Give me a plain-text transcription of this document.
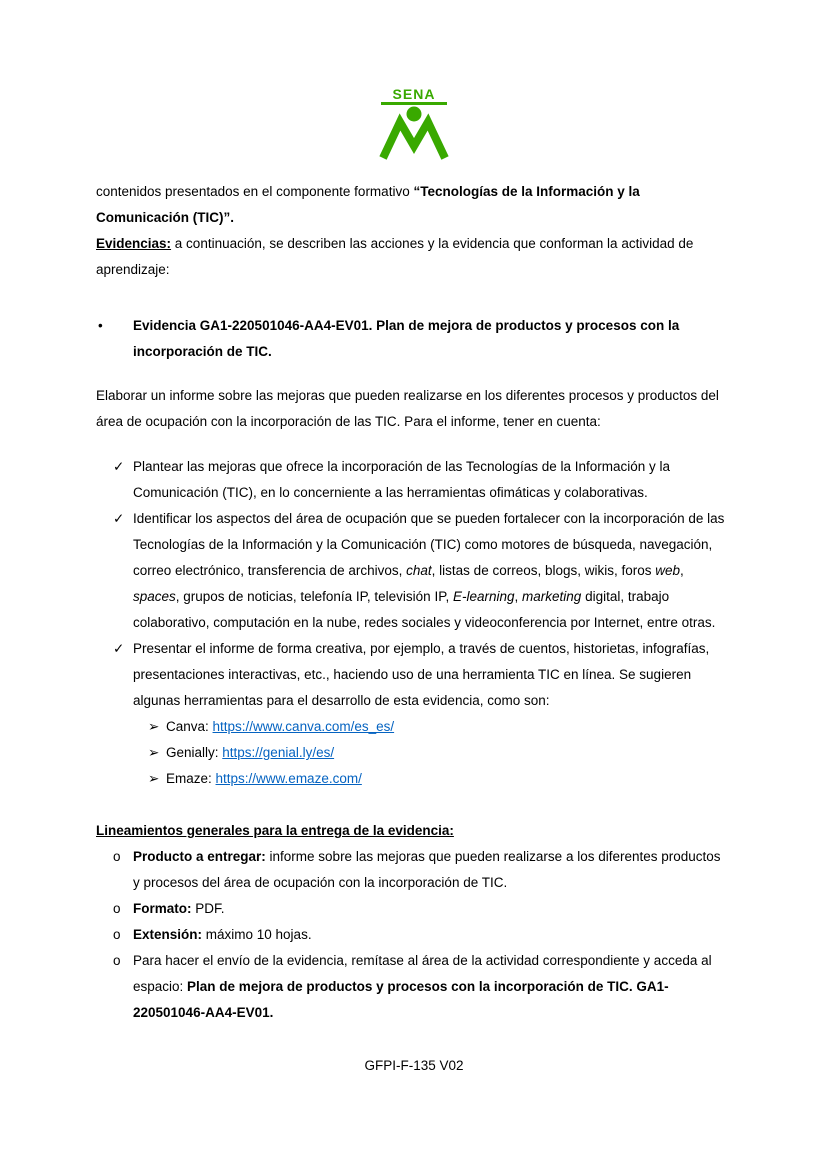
SENA

contenidos presentados en el componente formativo “Tecnologías de la Información y la Comunicación (TIC)”.

Evidencias: a continuación, se describen las acciones y la evidencia que conforman la actividad de aprendizaje:

•	Evidencia GA1-220501046-AA4-EV01. Plan de mejora de productos y procesos con la incorporación de TIC.

Elaborar un informe sobre las mejoras que pueden realizarse en los diferentes procesos y productos del área de ocupación con la incorporación de las TIC. Para el informe, tener en cuenta:

✓ Plantear las mejoras que ofrece la incorporación de las Tecnologías de la Información y la Comunicación (TIC), en lo concerniente a las herramientas ofimáticas y colaborativas.
✓ Identificar los aspectos del área de ocupación que se pueden fortalecer con la incorporación de las Tecnologías de la Información y la Comunicación (TIC) como motores de búsqueda, navegación, correo electrónico, transferencia de archivos, chat, listas de correos, blogs, wikis, foros web, spaces, grupos de noticias, telefonía IP, televisión IP, E-learning, marketing digital, trabajo colaborativo, computación en la nube, redes sociales y videoconferencia por Internet, entre otras.
✓ Presentar el informe de forma creativa, por ejemplo, a través de cuentos, historietas, infografías, presentaciones interactivas, etc., haciendo uso de una herramienta TIC en línea. Se sugieren algunas herramientas para el desarrollo de esta evidencia, como son:
➢ Canva: https://www.canva.com/es_es/
➢ Genially: https://genial.ly/es/
➢ Emaze: https://www.emaze.com/

Lineamientos generales para la entrega de la evidencia:

o Producto a entregar: informe sobre las mejoras que pueden realizarse a los diferentes productos y procesos del área de ocupación con la incorporación de TIC.
o Formato: PDF.
o Extensión: máximo 10 hojas.
o Para hacer el envío de la evidencia, remítase al área de la actividad correspondiente y acceda al espacio: Plan de mejora de productos y procesos con la incorporación de TIC. GA1-220501046-AA4-EV01.
GFPI-F-135 V02
